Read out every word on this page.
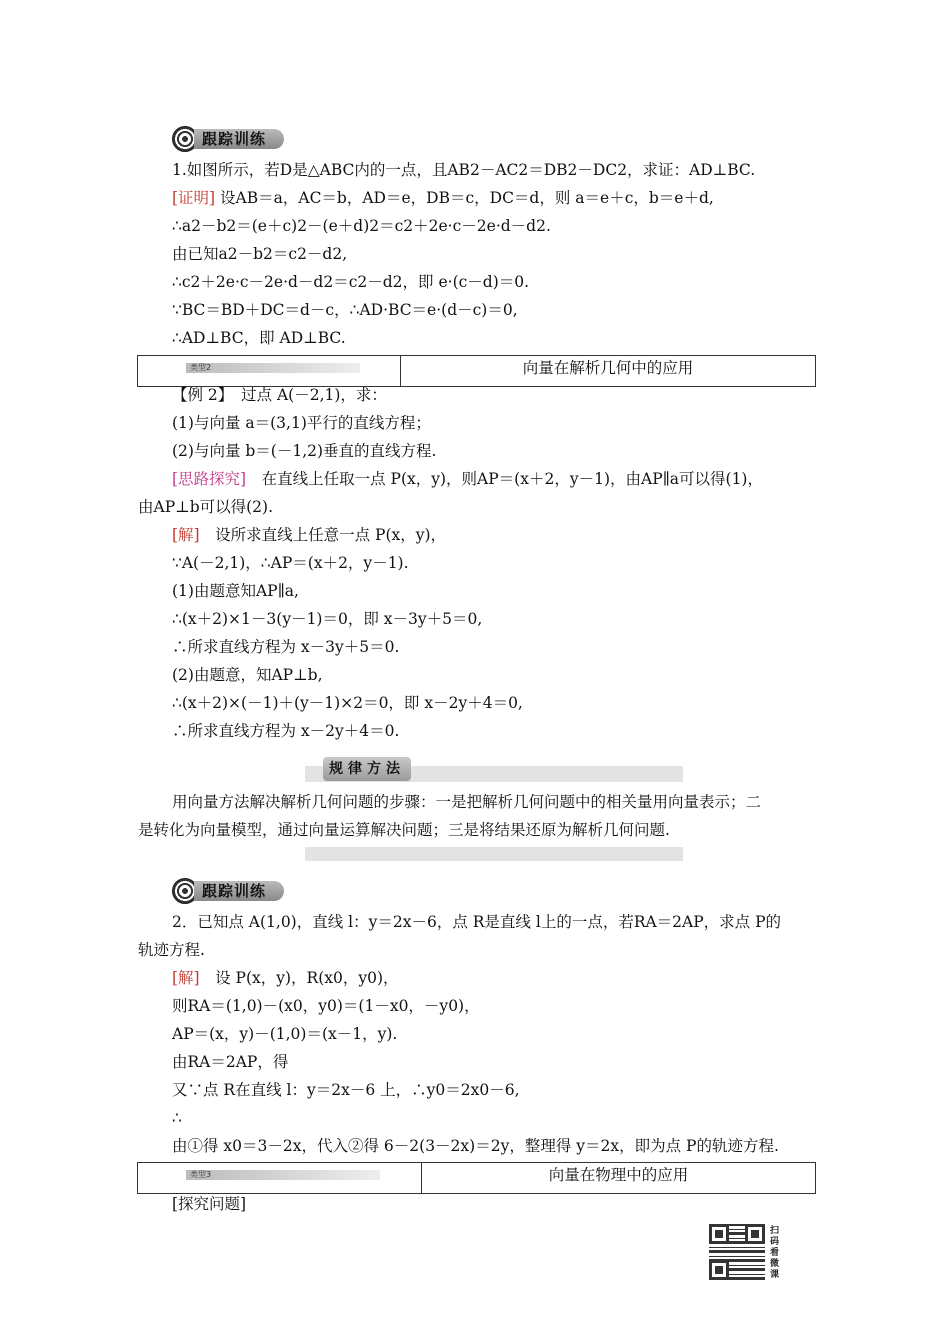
跟踪训练
1.如图所示，若D是△ABC内的一点，且AB2－AC2＝DB2－DC2，求证：AD⊥BC.
[证明] 设AB＝a，AC＝b，AD＝e，DB＝c，DC＝d，则 a＝e＋c，b＝e＋d,
∴a2－b2＝(e＋c)2－(e＋d)2＝c2＋2e·c－2e·d－d2.
由已知a2－b2＝c2－d2,
∴c2＋2e·c－2e·d－d2＝c2－d2，即 e·(c－d)＝0.
∵BC＝BD＋DC＝d－c，∴AD·BC＝e·(d－c)＝0,
∴AD⊥BC，即 AD⊥BC.
类型2	向量在解析几何中的应用
【例 2】　过点 A(－2,1)，求：
(1)与向量 a＝(3,1)平行的直线方程；
(2)与向量 b＝(－1,2)垂直的直线方程.
[思路探究]　在直线上任取一点 P(x，y)，则AP＝(x＋2，y－1)，由AP∥a可以得(1)，
由AP⊥b可以得(2).
[解]　设所求直线上任意一点 P(x，y)，
∵A(－2,1)，∴AP＝(x＋2，y－1).
(1)由题意知AP∥a,
∴(x＋2)×1－3(y－1)＝0，即 x－3y＋5＝0,
∴所求直线方程为 x－3y＋5＝0.
(2)由题意，知AP⊥b,
∴(x＋2)×(－1)＋(y－1)×2＝0，即 x－2y＋4＝0,
∴所求直线方程为 x－2y＋4＝0.
规律方法
用向量方法解决解析几何问题的步骤：一是把解析几何问题中的相关量用向量表示；二
是转化为向量模型，通过向量运算解决问题；三是将结果还原为解析几何问题.
跟踪训练
2．已知点 A(1,0)，直线 l：y＝2x－6，点 R是直线 l上的一点，若RA＝2AP，求点 P的
轨迹方程.
[解]　设 P(x，y)，R(x0，y0)，
则RA＝(1,0)－(x0，y0)＝(1－x0，－y0)，
AP＝(x，y)－(1,0)＝(x－1，y).
由RA＝2AP，得
又∵点 R在直线 l：y＝2x－6 上，∴y0＝2x0－6,
∴
由①得 x0＝3－2x，代入②得 6－2(3－2x)＝2y，整理得 y＝2x，即为点 P的轨迹方程.
类型3	向量在物理中的应用
[探究问题]
扫码看微课
